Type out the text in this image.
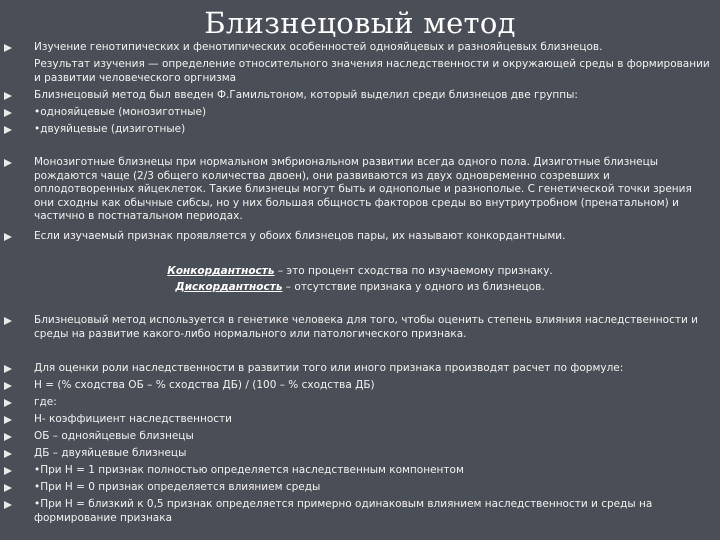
Близнецовый метод
Изучение генотипических и фенотипических особенностей однояйцевых и разнояйцевых близнецов.
Результат изучения — определение относительного значения наследственности и окружающей среды в формировании и развитии человеческого оргнизма
Близнецовый метод был введен Ф.Гамильтоном, который выделил среди близнецов две группы:
•однояйцевые (монозиготные)
•двуяйцевые (дизиготные)
Монозиготные близнецы при нормальном эмбриональном развитии всегда одного пола. Дизиготные близнецы рождаются чаще (2/3 общего количества двоен), они развиваются из двух одновременно созревших и оплодотворенных яйцеклеток. Такие близнецы могут быть и однополые и разнополые. С генетической точки зрения они сходны как обычные сибсы, но у них большая общность факторов среды во внутриутробном (пренатальном) и частично в постнатальном периодах.
Если изучаемый признак проявляется у обоих близнецов пары, их называют конкордантными.
Конкордантность – это процент сходства по изучаемому признаку.
Дискордантность – отсутствие признака у одного из близнецов.
Близнецовый метод используется в генетике человека для того, чтобы оценить степень влияния наследственности и среды на развитие какого-либо нормального или патологического признака.
Для оценки роли наследственности в развитии того или иного признака производят расчет по формуле:
Н = (% сходства ОБ – % сходства ДБ) / (100 – % сходства ДБ)
где:
Н- коэффициент наследственности
ОБ – однояйцевые близнецы
ДБ – двуяйцевые близнецы
•При Н = 1 признак полностью определяется наследственным компонентом
•При Н = 0 признак определяется влиянием среды
•При Н = близкий к 0,5 признак определяется примерно одинаковым влиянием наследственности и среды на формирование признака
